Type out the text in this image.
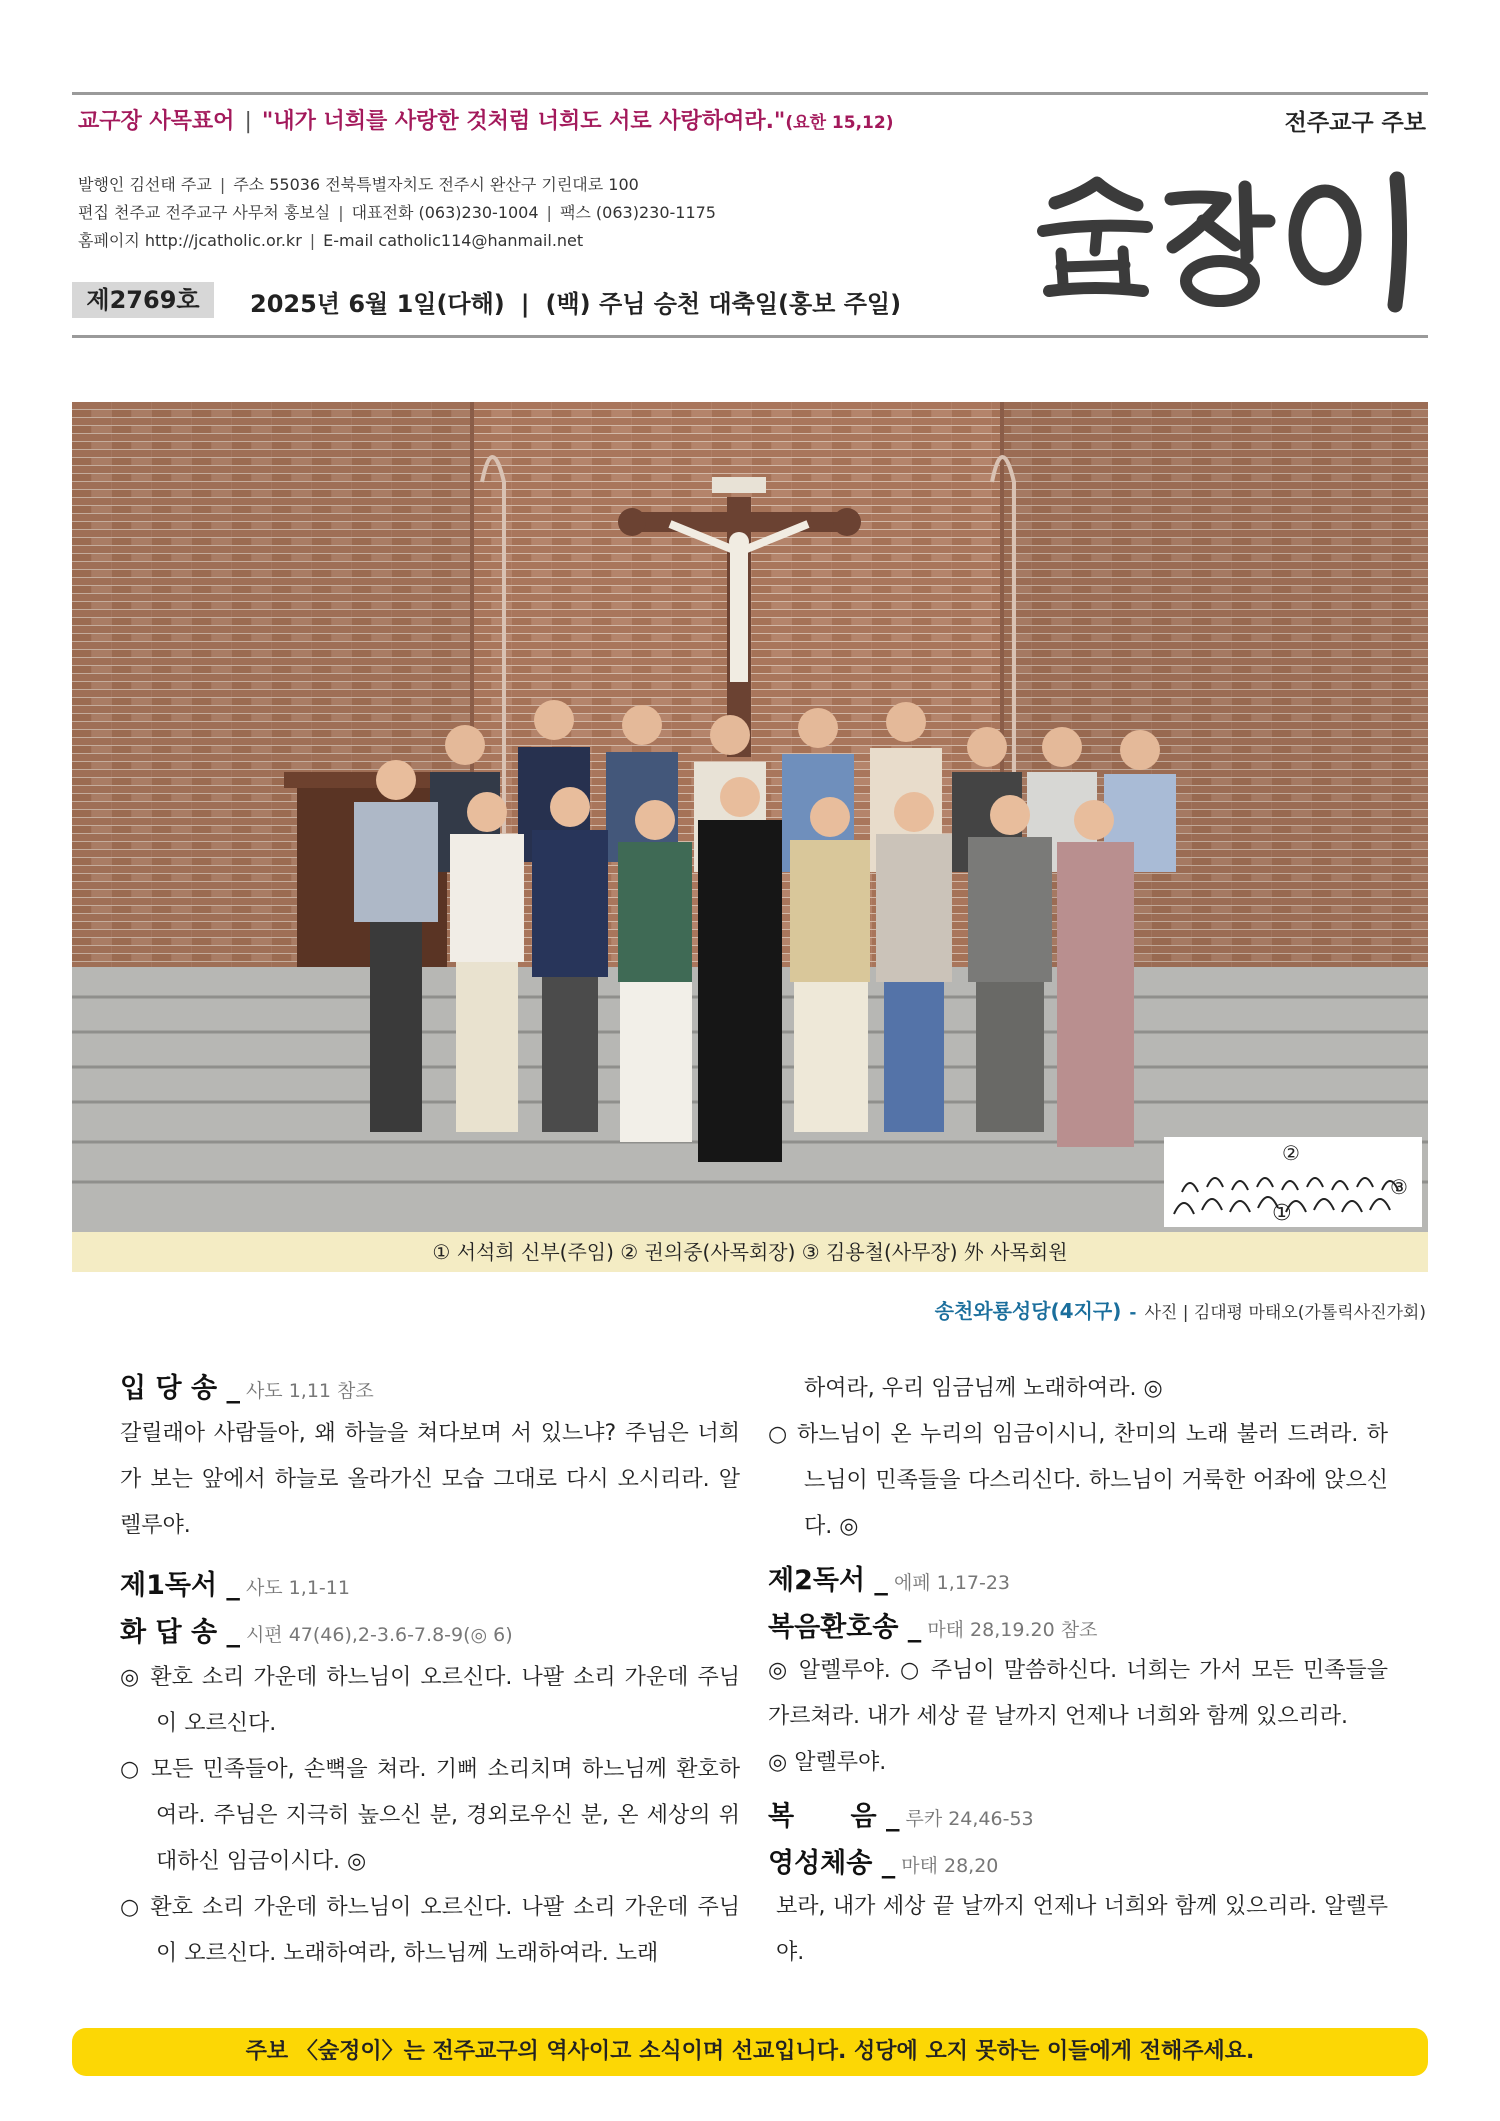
교구장 사목표어 | "내가 너희를 사랑한 것처럼 너희도 서로 사랑하여라."(요한 15,12)	전주교구 주보
발행인 김선태 주교 | 주소 55036 전북특별자치도 전주시 완산구 기린대로 100
편집 천주교 전주교구 사무처 홍보실 | 대표전화 (063)230-1004 | 팩스 (063)230-1175
홈페이지 http://jcatholic.or.kr | E-mail catholic114@hanmail.net
제2769호	2025년 6월 1일(다해) | (백) 주님 승천 대축일(홍보 주일)
②
①
③
① 서석희 신부(주임) ② 권의중(사목회장) ③ 김용철(사무장) 外 사목회원
송천와룡성당(4지구) - 사진 | 김대평 마태오(가톨릭사진가회)
입 당 송 _ 사도 1,11 참조
갈릴래아 사람들아, 왜 하늘을 쳐다보며 서 있느냐? 주님은 너희가 보는 앞에서 하늘로 올라가신 모습 그대로 다시 오시리라. 알렐루야.
제1독서 _ 사도 1,1-11
화 답 송 _ 시편 47(46),2-3.6-7.8-9(◎ 6)
◎ 환호 소리 가운데 하느님이 오르신다. 나팔 소리 가운데 주님이 오르신다.
○ 모든 민족들아, 손뼉을 쳐라. 기뻐 소리치며 하느님께 환호하여라. 주님은 지극히 높으신 분, 경외로우신 분, 온 세상의 위대하신 임금이시다. ◎
○ 환호 소리 가운데 하느님이 오르신다. 나팔 소리 가운데 주님이 오르신다. 노래하여라, 하느님께 노래하여라. 노래
하여라, 우리 임금님께 노래하여라. ◎
○ 하느님이 온 누리의 임금이시니, 찬미의 노래 불러 드려라. 하느님이 민족들을 다스리신다. 하느님이 거룩한 어좌에 앉으신다. ◎
제2독서 _ 에페 1,17-23
복음환호송 _ 마태 28,19.20 참조
◎ 알렐루야. ○ 주님이 말씀하신다. 너희는 가서 모든 민족들을 가르쳐라. 내가 세상 끝 날까지 언제나 너희와 함께 있으리라.
◎ 알렐루야.
복      음 _ 루카 24,46-53
영성체송 _ 마태 28,20
보라, 내가 세상 끝 날까지 언제나 너희와 함께 있으리라. 알렐루야.
주보 〈숲정이〉는 전주교구의 역사이고 소식이며 선교입니다. 성당에 오지 못하는 이들에게 전해주세요.
